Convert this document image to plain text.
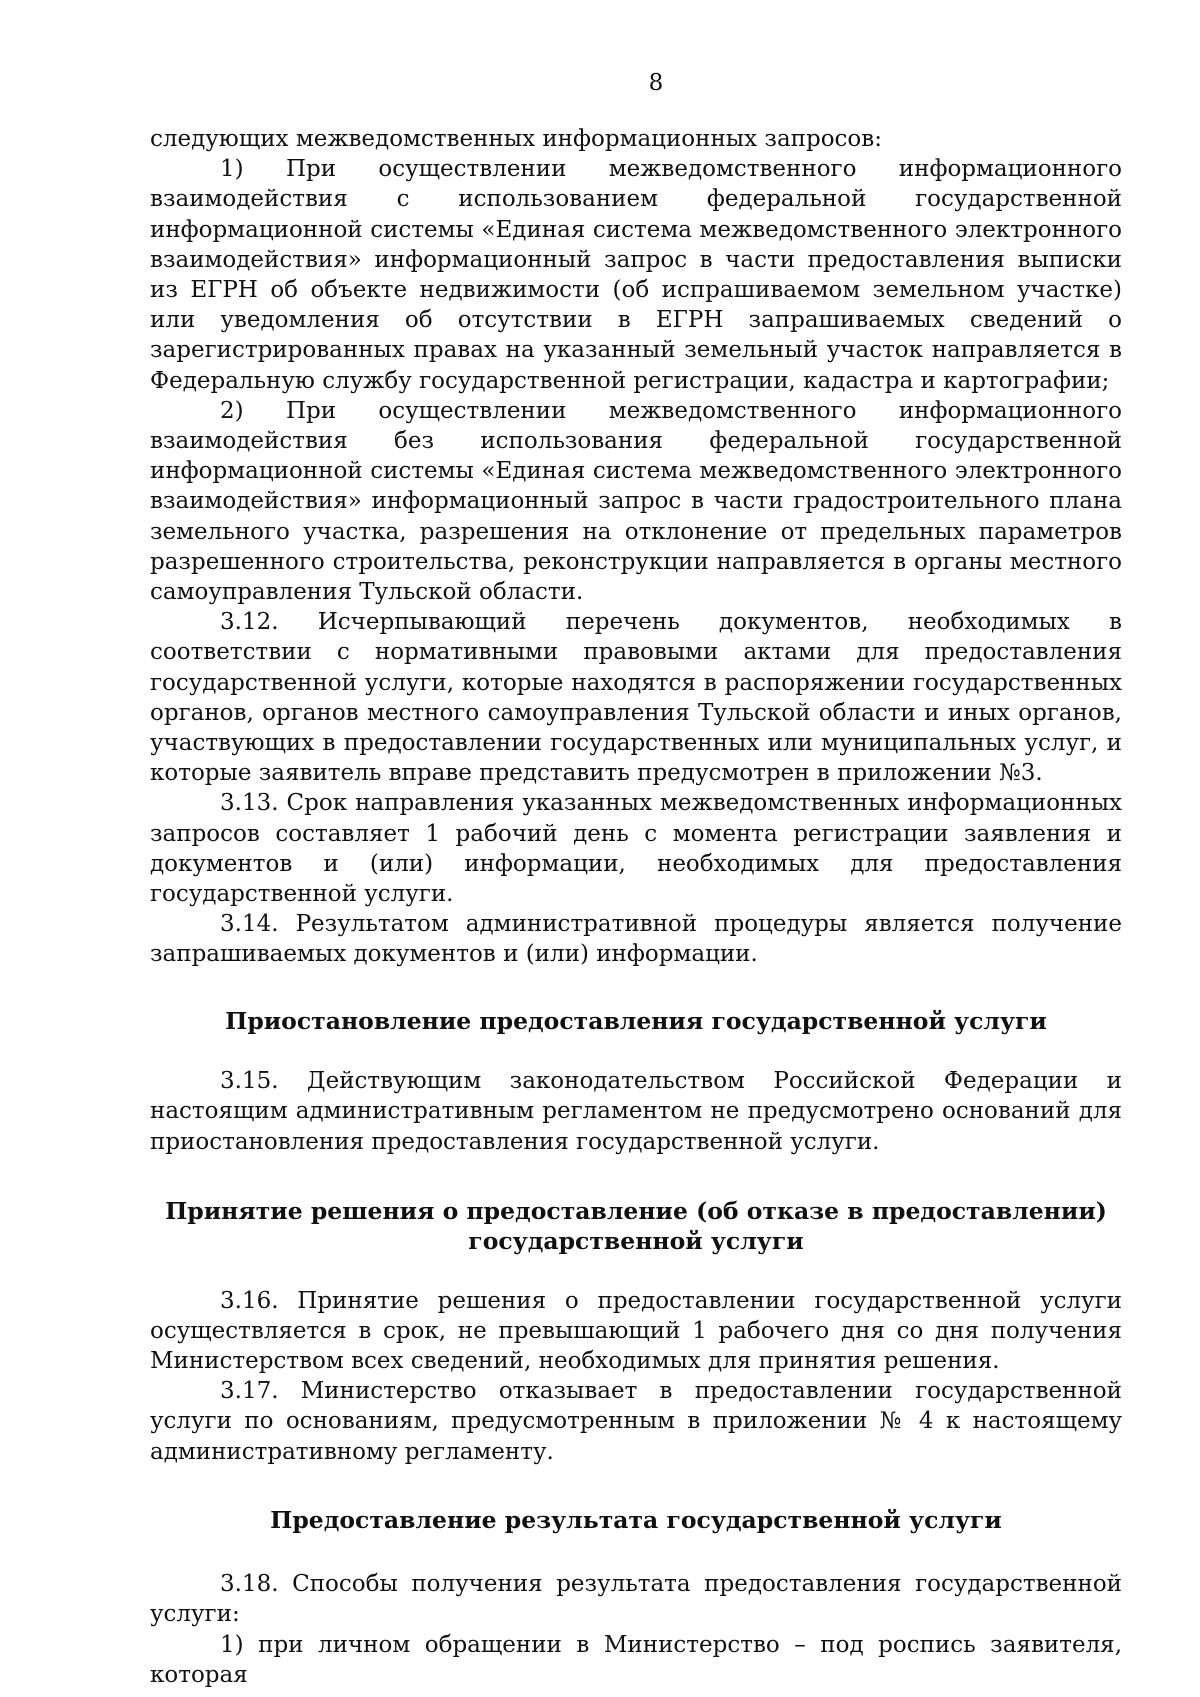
8

следующих межведомственных информационных запросов:

1) При осуществлении межведомственного информационного взаимодействия с использованием федеральной государственной информационной системы «Единая система межведомственного электронного взаимодействия» информационный запрос в части предоставления выписки из ЕГРН об объекте недвижимости (об испрашиваемом земельном участке) или уведомления об отсутствии в ЕГРН запрашиваемых сведений о зарегистрированных правах на указанный земельный участок направляется в Федеральную службу государственной регистрации, кадастра и картографии;

2) При осуществлении межведомственного информационного взаимодействия без использования федеральной государственной информационной системы «Единая система межведомственного электронного взаимодействия» информационный запрос в части градостроительного плана земельного участка, разрешения на отклонение от предельных параметров разрешенного строительства, реконструкции направляется в органы местного самоуправления Тульской области.

3.12. Исчерпывающий перечень документов, необходимых в соответствии с нормативными правовыми актами для предоставления государственной услуги, которые находятся в распоряжении государственных органов, органов местного самоуправления Тульской области и иных органов, участвующих в предоставлении государственных или муниципальных услуг, и которые заявитель вправе представить предусмотрен в приложении №3.

3.13. Срок направления указанных межведомственных информационных запросов составляет 1 рабочий день с момента регистрации заявления и документов и (или) информации, необходимых для предоставления государственной услуги.

3.14. Результатом административной процедуры является получение запрашиваемых документов и (или) информации.

Приостановление предоставления государственной услуги

3.15. Действующим законодательством Российской Федерации и настоящим административным регламентом не предусмотрено оснований для приостановления предоставления государственной услуги.

Принятие решения о предоставление (об отказе в предоставлении) государственной услуги

3.16. Принятие решения о предоставлении государственной услуги осуществляется в срок, не превышающий 1 рабочего дня со дня получения Министерством всех сведений, необходимых для принятия решения.

3.17. Министерство отказывает в предоставлении государственной услуги по основаниям, предусмотренным в приложении № 4 к настоящему административному регламенту.

Предоставление результата государственной услуги

3.18. Способы получения результата предоставления государственной услуги:

1) при личном обращении в Министерство – под роспись заявителя, которая
